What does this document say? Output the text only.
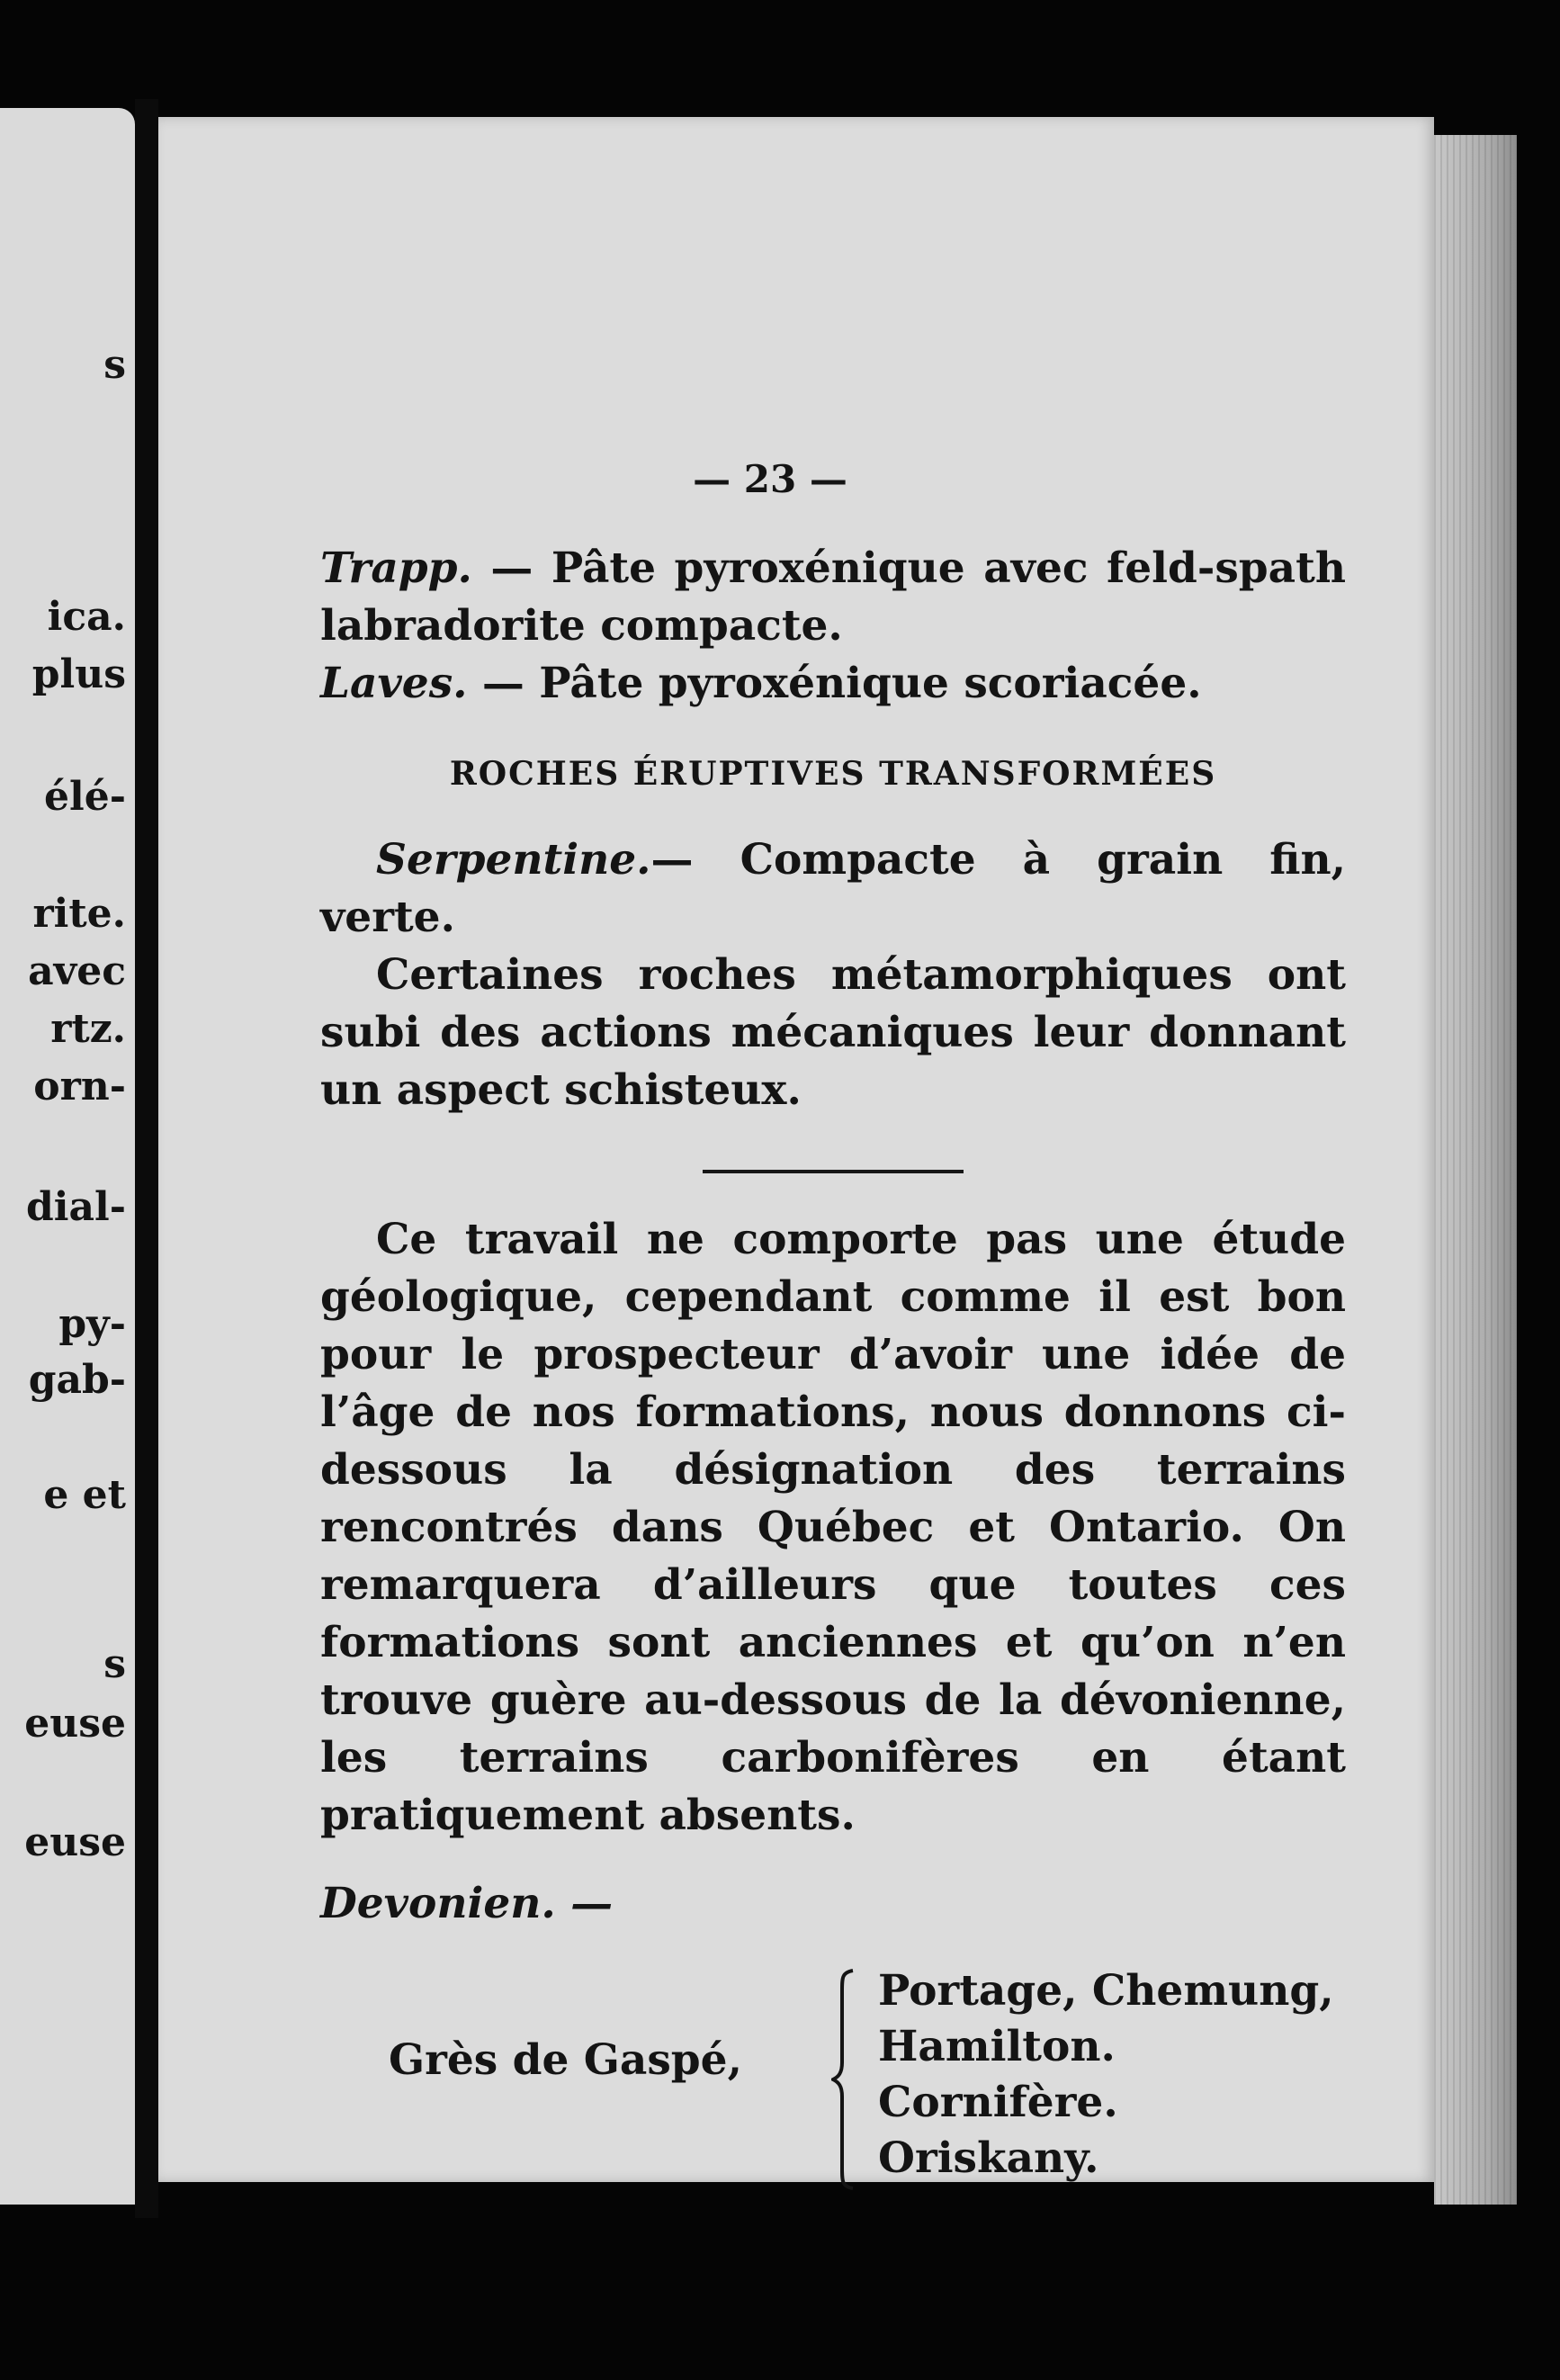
s

ica.

plus

élé-

rite.

avec

rtz.

orn-

dial-

py-

gab-

e et

s

euse

euse

— 23 —

Trapp. — Pâte pyroxénique avec feld-spath labradorite compacte.

Laves. — Pâte pyroxénique scoriacée.

ROCHES ÉRUPTIVES TRANSFORMÉES

Serpentine.— Compacte à grain fin, verte.

Certaines roches métamorphiques ont subi des actions mécaniques leur donnant un aspect schisteux.

Ce travail ne comporte pas une étude géologique, cependant comme il est bon pour le prospecteur d’avoir une idée de l’âge de nos formations, nous donnons ci-dessous la désignation des terrains rencontrés dans Québec et Ontario. On remarquera d’ailleurs que toutes ces formations sont anciennes et qu’on n’en trouve guère au-dessous de la dévonienne, les terrains carbonifères en étant pratiquement absents.

Devonien. —

Grès de Gaspé,
Portage, Chemung,
Hamilton.
Cornifère.
Oriskany.
